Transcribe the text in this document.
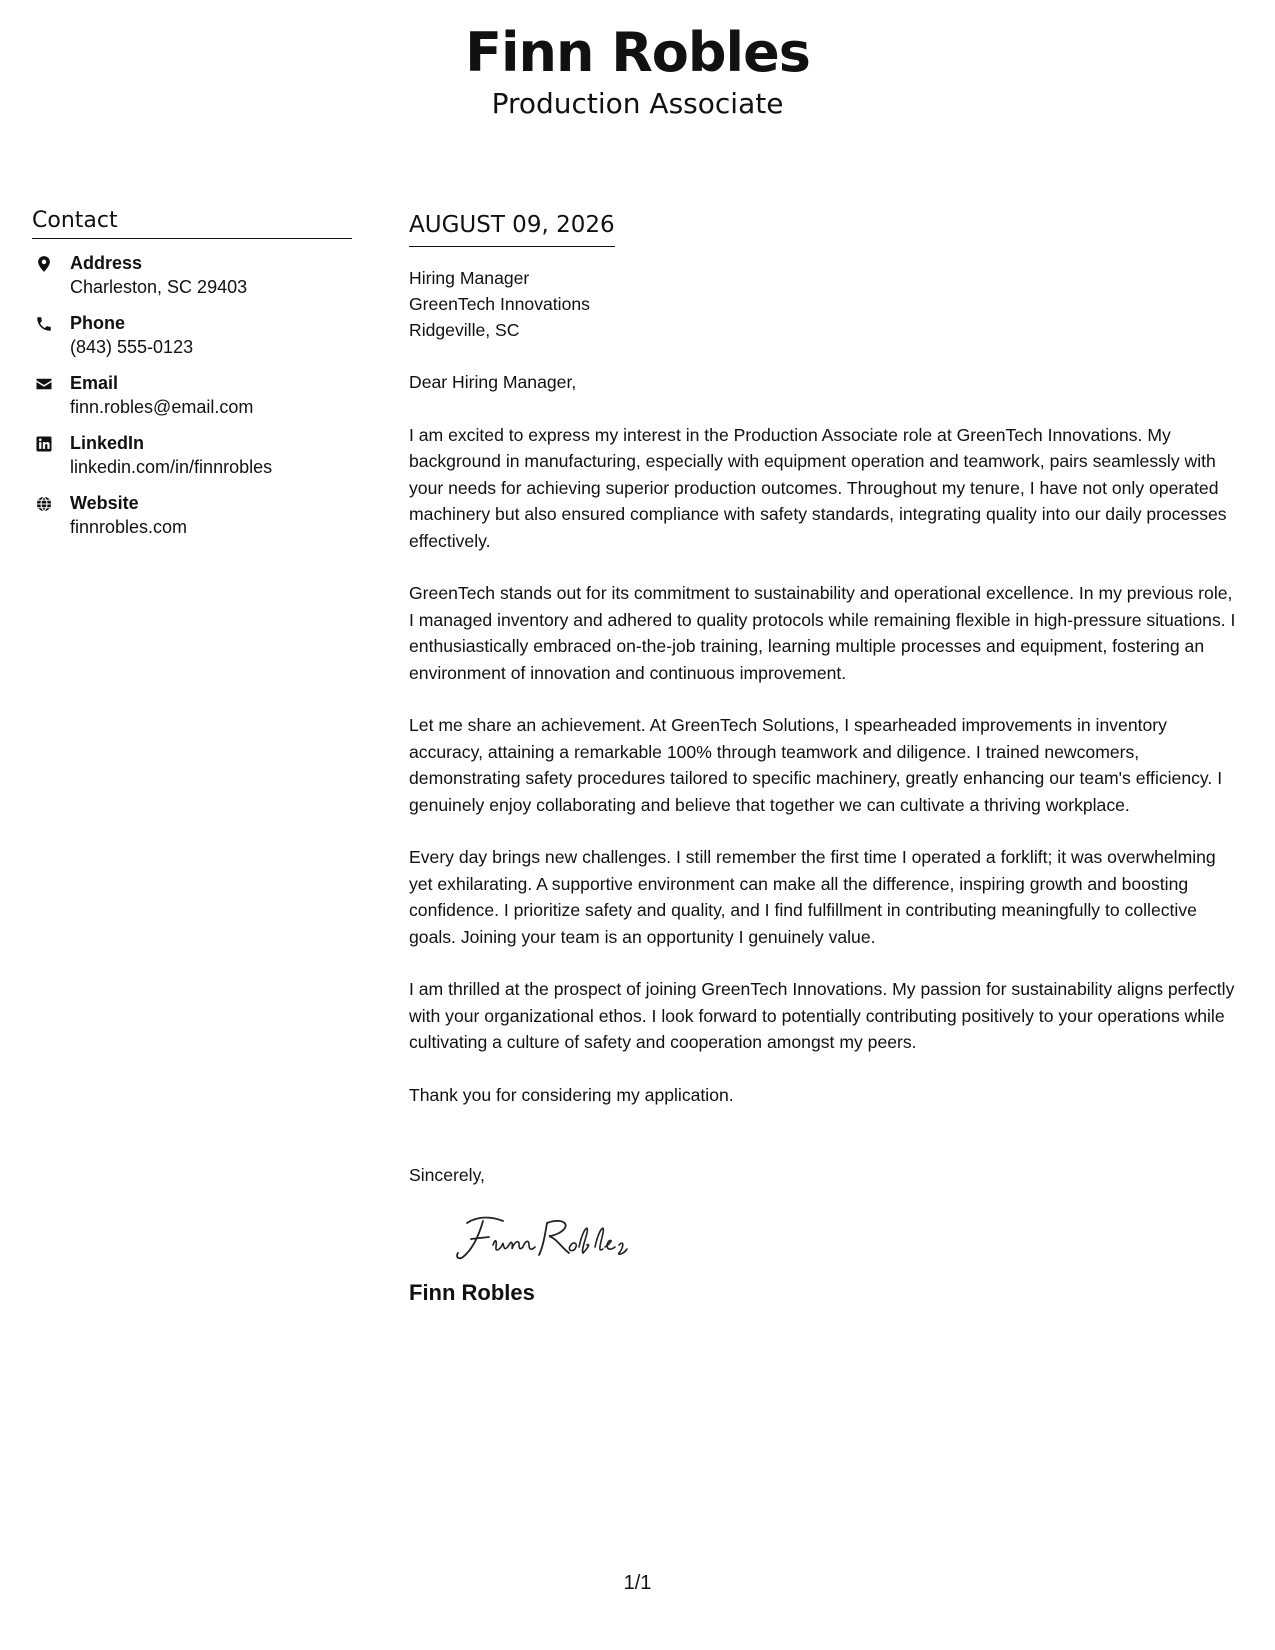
Finn Robles
Production Associate
Contact
Address
Charleston, SC 29403
Phone
(843) 555-0123
Email
finn.robles@email.com
LinkedIn
linkedin.com/in/finnrobles
Website
finnrobles.com
AUGUST 09, 2026
Hiring Manager
GreenTech Innovations
Ridgeville, SC
Dear Hiring Manager,
I am excited to express my interest in the Production Associate role at GreenTech Innovations. My background in manufacturing, especially with equipment operation and teamwork, pairs seamlessly with your needs for achieving superior production outcomes. Throughout my tenure, I have not only operated machinery but also ensured compliance with safety standards, integrating quality into our daily processes effectively.
GreenTech stands out for its commitment to sustainability and operational excellence. In my previous role, I managed inventory and adhered to quality protocols while remaining flexible in high-pressure situations. I enthusiastically embraced on-the-job training, learning multiple processes and equipment, fostering an environment of innovation and continuous improvement.
Let me share an achievement. At GreenTech Solutions, I spearheaded improvements in inventory accuracy, attaining a remarkable 100% through teamwork and diligence. I trained newcomers, demonstrating safety procedures tailored to specific machinery, greatly enhancing our team's efficiency. I genuinely enjoy collaborating and believe that together we can cultivate a thriving workplace.
Every day brings new challenges. I still remember the first time I operated a forklift; it was overwhelming yet exhilarating. A supportive environment can make all the difference, inspiring growth and boosting confidence. I prioritize safety and quality, and I find fulfillment in contributing meaningfully to collective goals. Joining your team is an opportunity I genuinely value.
I am thrilled at the prospect of joining GreenTech Innovations. My passion for sustainability aligns perfectly with your organizational ethos. I look forward to potentially contributing positively to your operations while cultivating a culture of safety and cooperation amongst my peers.
Thank you for considering my application.
Sincerely,
Finn Robles
1/1
